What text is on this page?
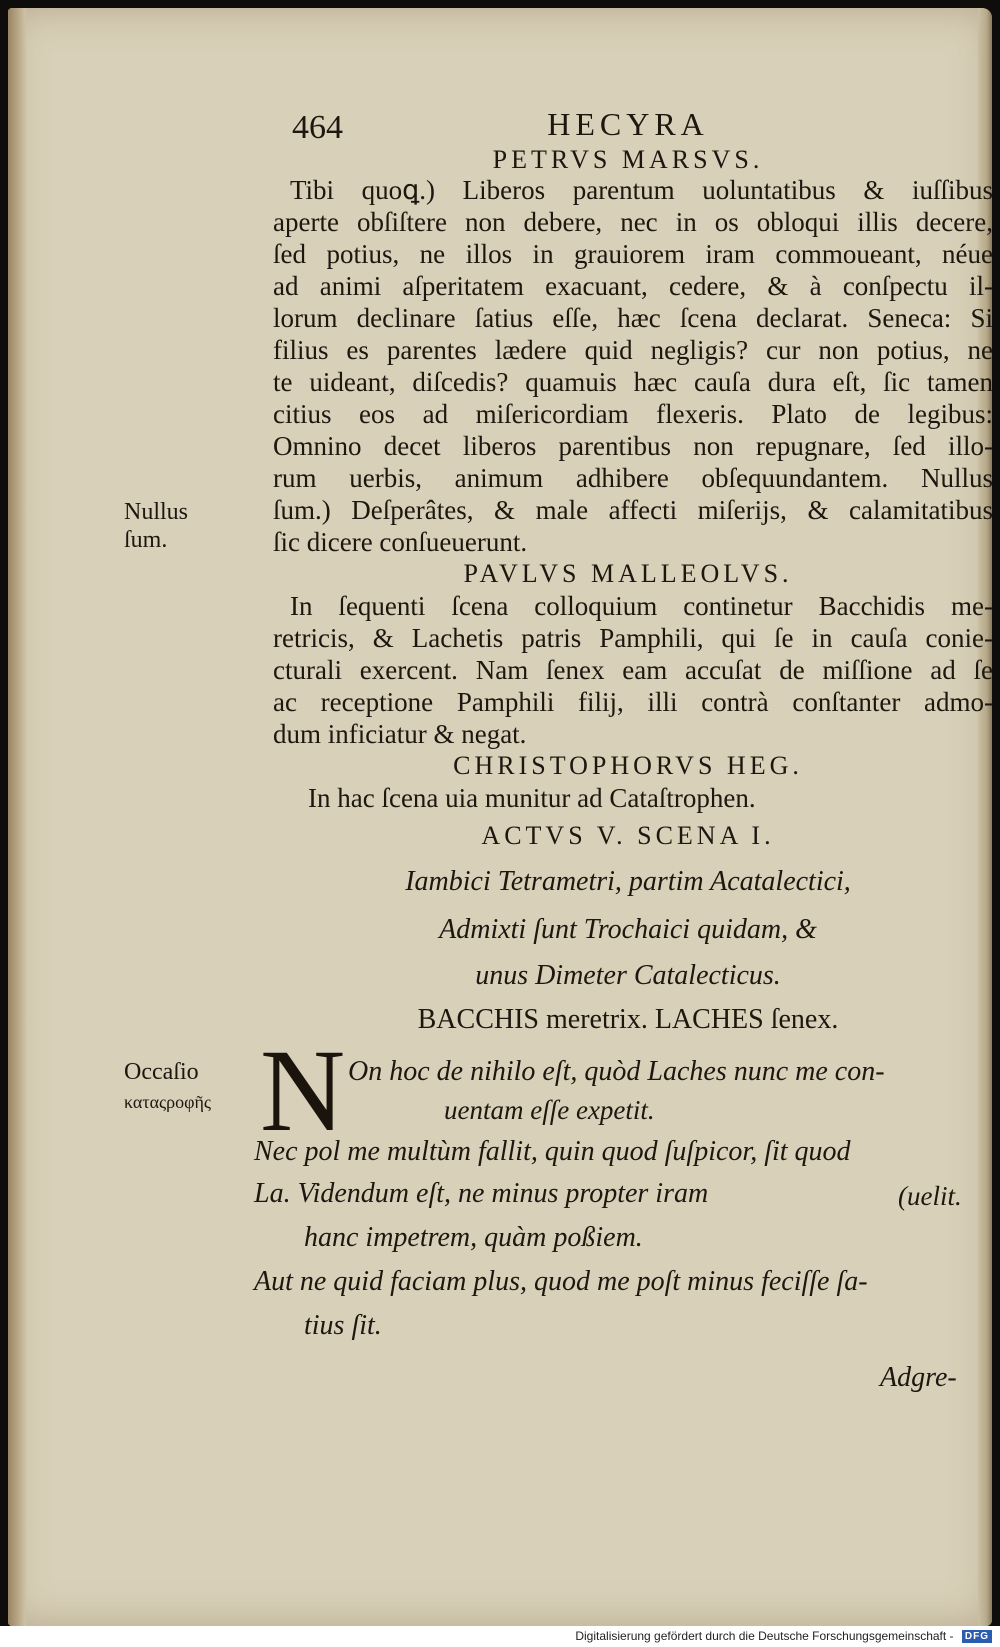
464	HECYRA
PETRVS MARSVS.
Tibi quoꝗ.) Liberos parentum uoluntatibus & iuſſibus
aperte obſiſtere non debere, nec in os obloqui illis decere,
ſed potius, ne illos in grauiorem iram commoueant, néue
ad animi aſperitatem exacuant, cedere, & à conſpectu il-
lorum declinare ſatius eſſe, hæc ſcena declarat. Seneca: Si
filius es parentes lædere quid negligis? cur non potius, ne
te uideant, diſcedis? quamuis hæc cauſa dura eſt, ſic tamen
citius eos ad miſericordiam flexeris. Plato de legibus:
Omnino decet liberos parentibus non repugnare, ſed illo-
rum uerbis, animum adhibere obſequundantem. Nullus
ſum.) Deſperâtes, & male affecti miſerijs, & calamitatibus
ſic dicere conſueuerunt.
Nullus
ſum.
PAVLVS MALLEOLVS.
In ſequenti ſcena colloquium continetur Bacchidis me-
retricis, & Lachetis patris Pamphili, qui ſe in cauſa conie-
cturali exercent. Nam ſenex eam accuſat de miſſione ad ſe
ac receptione Pamphili filij, illi contrà conſtanter admo-
dum inficiatur & negat.
CHRISTOPHORVS HEG.
In hac ſcena uia munitur ad Cataſtrophen.
ACTVS V. SCENA I.
Iambici Tetrametri, partim Acatalectici,
Admixti ſunt Trochaici quidam, &
unus Dimeter Catalecticus.
BACCHIS meretrix. LACHES ſenex.
Occaſio
καταςροφῆς N On hoc de nihilo eſt, quòd Laches nunc me con-
uentam eſſe expetit.
Nec pol me multùm fallit, quin quod ſuſpicor, ſit quod
La. Videndum eſt, ne minus propter iram	(uelit.
hanc impetrem, quàm poßiem.
Aut ne quid faciam plus, quod me poſt minus feciſſe ſa-
tius ſit.
Adgre-
Digitalisierung gefördert durch die Deutsche Forschungsgemeinschaft - DFG
